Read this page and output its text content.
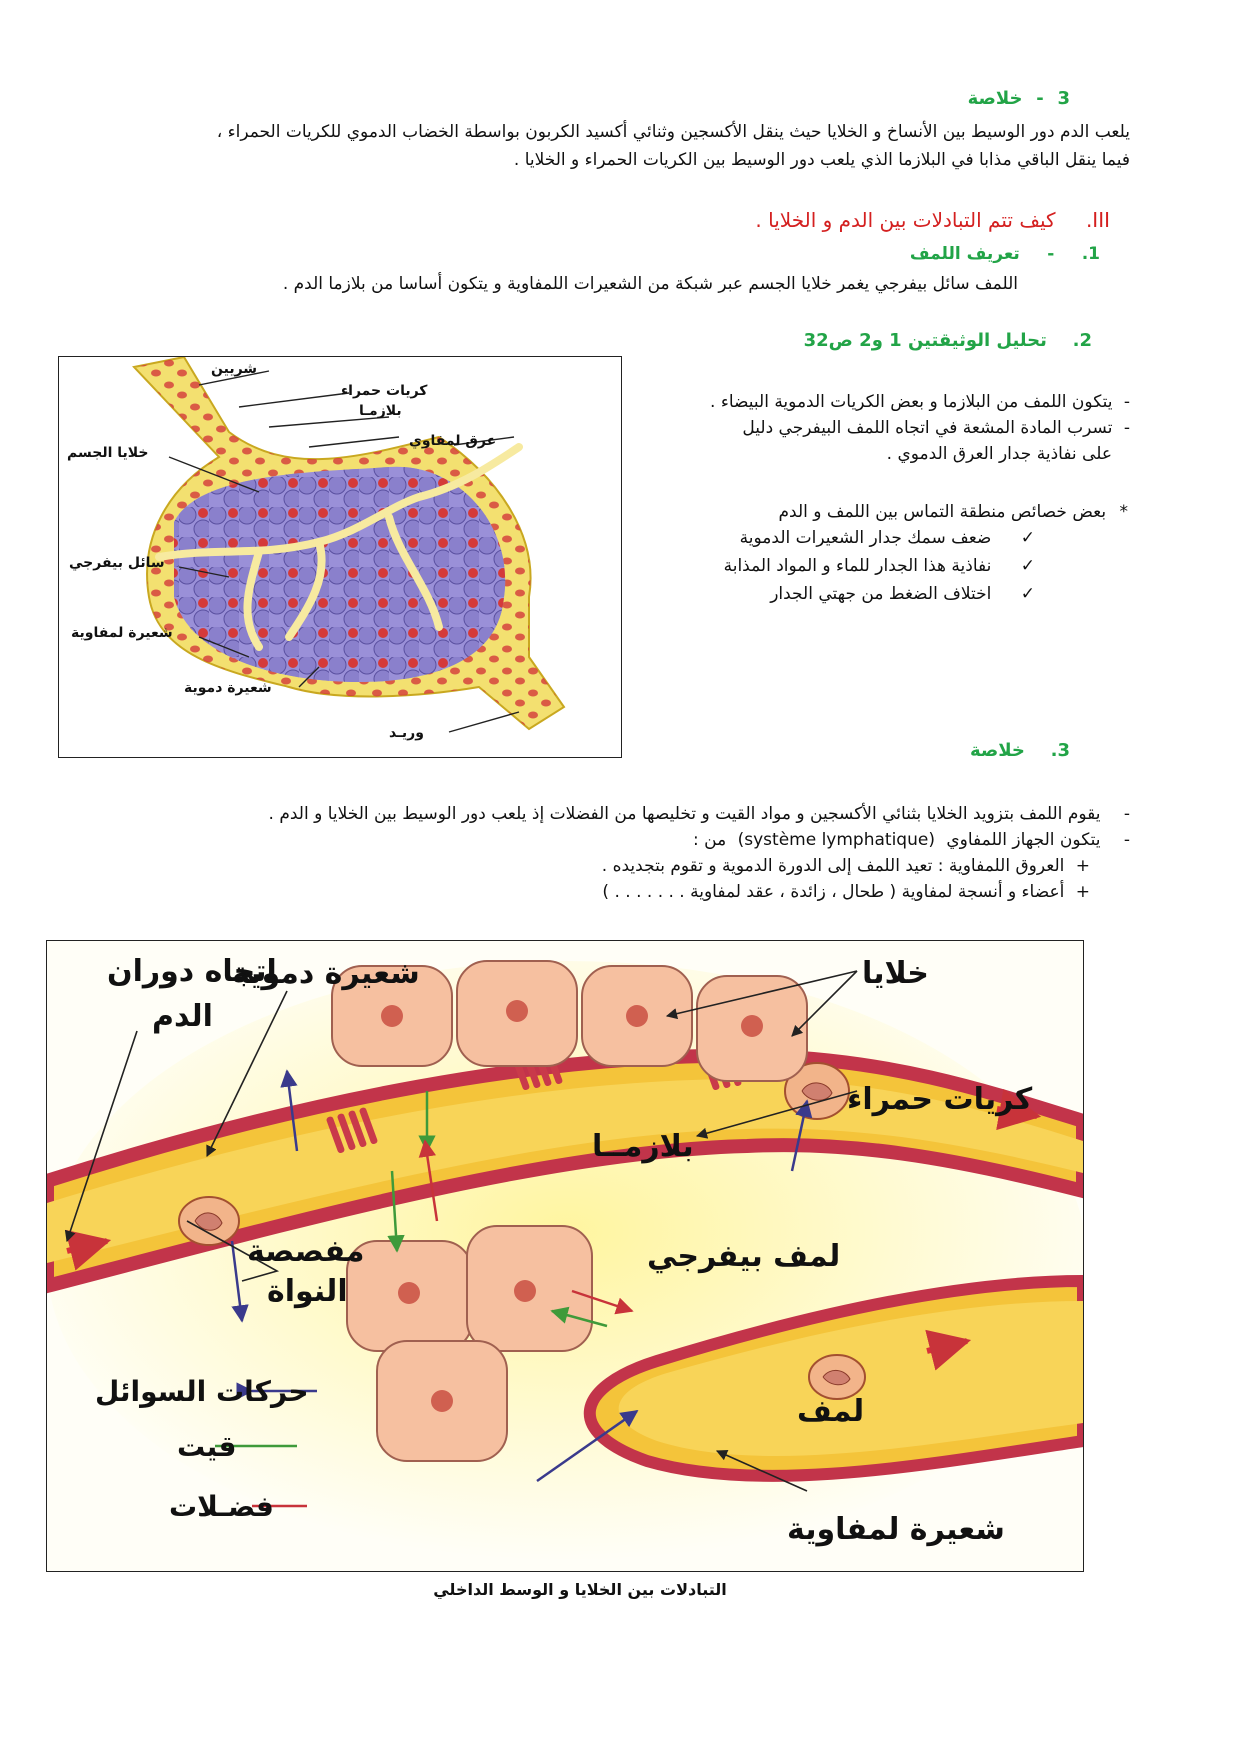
3 - خلاصة
يلعب الدم دور الوسيط بين الأنساخ و الخلايا حيث ينقل الأكسجين وثنائي أكسيد الكربون بواسطة الخضاب الدموي للكريات الحمراء ،
فيما ينقل الباقي مذابا في البلازما الذي يلعب دور الوسيط بين الكريات الحمراء و الخلايا .
III. كيف تتم التبادلات بين الدم و الخلايا .
1. - تعريف اللمف
اللمف سائل بيفرجي يغمر خلايا الجسم عبر شبكة من الشعيرات اللمفاوية و يتكون أساسا من بلازما الدم .
2. تحليل الوثيقتين 1 و2 ص32
شريين
كريات حمراء
بلازمـا
عرق لمفاوي
خلايا الجسم
سائل بيفرجي
شعيرة لمفاوية
شعيرة دموية
وريـد
- يتكون اللمف من البلازما و بعض الكريات الدموية البيضاء .
- تسرب المادة المشعة في اتجاه اللمف البيفرجي دليل
على نفاذية جدار العرق الدموي .
* بعض خصائص منطقة التماس بين اللمف و الدم
✓ ضعف سمك جدار الشعيرات الدموية
✓ نفاذية هذا الجدار للماء و المواد المذابة
✓ اختلاف الضغط من جهتي الجدار
3. خلاصة
- يقوم اللمف بتزويد الخلايا بثنائي الأكسجين و مواد القيت و تخليصها من الفضلات إذ يلعب دور الوسيط بين الخلايا و الدم .
- يتكون الجهاز اللمفاوي (système lymphatique) من :
+ العروق اللمفاوية : تعيد اللمف إلى الدورة الدموية و تقوم بتجديده .
+ أعضاء و أنسجة لمفاوية ( طحال ، زائدة ، عقد لمفاوية . . . . . . . )
شعيرة دموية
اتجاه دوران
الدم
خلايا
كريات حمراء
بلازمــا
لمف بيفرجي
مفصصة
النواة
لمف
شعيرة لمفاوية
حركات السوائل
قيت
فضـلات
التبادلات بين الخلايا و الوسط الداخلي
